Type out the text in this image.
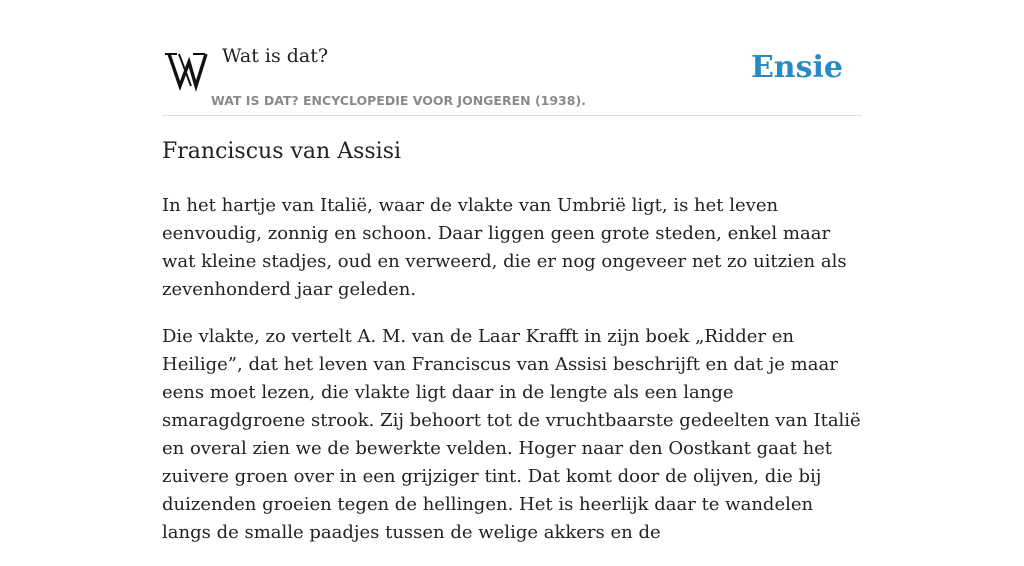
Wat is dat?
WAT IS DAT? ENCYCLOPEDIE VOOR JONGEREN (1938).
Ensie
Franciscus van Assisi

In het hartje van Italië, waar de vlakte van Umbrië ligt, is het leven eenvoudig, zonnig en schoon. Daar liggen geen grote steden, enkel maar wat kleine stadjes, oud en verweerd, die er nog ongeveer net zo uitzien als zevenhonderd jaar geleden.

Die vlakte, zo vertelt A. M. van de Laar Krafft in zijn boek „Ridder en Heilige”, dat het leven van Franciscus van Assisi beschrijft en dat je maar eens moet lezen, die vlakte ligt daar in de lengte als een lange smaragdgroene strook. Zij behoort tot de vruchtbaarste gedeelten van Italië en overal zien we de bewerkte velden. Hoger naar den Oostkant gaat het zuivere groen over in een grijziger tint. Dat komt door de olijven, die bij duizenden groeien tegen de hellingen. Het is heerlijk daar te wandelen langs de smalle paadjes tussen de welige akkers en de
